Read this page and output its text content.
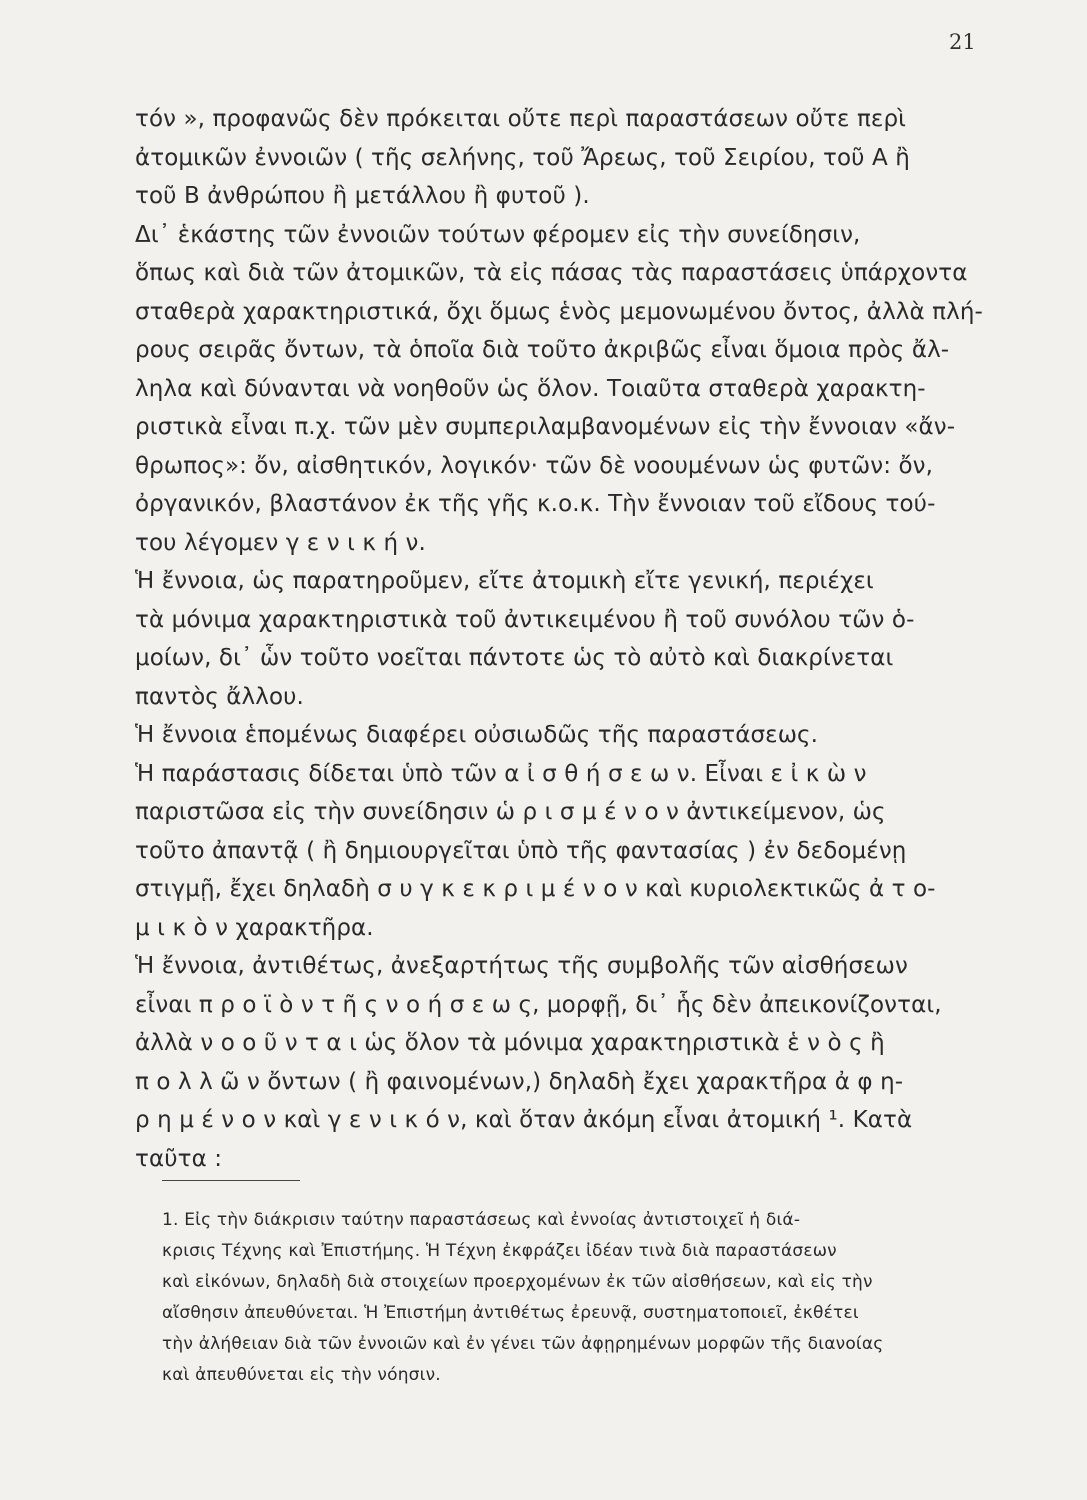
21
τόν », προφανῶς δὲν πρόκειται οὔτε περὶ παραστάσεων οὔτε περὶ
ἀτομικῶν ἐννοιῶν ( τῆς σελήνης, τοῦ Ἄρεως, τοῦ Σειρίου, τοῦ Α ἢ
τοῦ Β ἀνθρώπου ἢ μετάλλου ἢ φυτοῦ ).
Δι᾽ ἑκάστης τῶν ἐννοιῶν τούτων φέρομεν εἰς τὴν συνείδησιν,
ὅπως καὶ διὰ τῶν ἀτομικῶν, τὰ εἰς πάσας τὰς παραστάσεις ὑπάρχοντα
σταθερὰ χαρακτηριστικά, ὄχι ὅμως ἑνὸς μεμονωμένου ὄντος, ἀλλὰ πλή-
ρους σειρᾶς ὄντων, τὰ ὁποῖα διὰ τοῦτο ἀκριβῶς εἶναι ὅμοια πρὸς ἄλ-
ληλα καὶ δύνανται νὰ νοηθοῦν ὡς ὅλον. Τοιαῦτα σταθερὰ χαρακτη-
ριστικὰ εἶναι π.χ. τῶν μὲν συμπεριλαμβανομένων εἰς τὴν ἔννοιαν «ἄν-
θρωπος»: ὄν, αἰσθητικόν, λογικόν· τῶν δὲ νοουμένων ὡς φυτῶν: ὄν,
ὀργανικόν, βλαστάνον ἐκ τῆς γῆς κ.ο.κ. Τὴν ἔννοιαν τοῦ εἴδους τού-
του λέγομεν γ ε ν ι κ ή ν.
Ἡ ἔννοια, ὡς παρατηροῦμεν, εἴτε ἀτομικὴ εἴτε γενική, περιέχει
τὰ μόνιμα χαρακτηριστικὰ τοῦ ἀντικειμένου ἢ τοῦ συνόλου τῶν ὁ-
μοίων, δι᾽ ὧν τοῦτο νοεῖται πάντοτε ὡς τὸ αὐτὸ καὶ διακρίνεται
παντὸς ἄλλου.
Ἡ ἔννοια ἑπομένως διαφέρει οὐσιωδῶς τῆς παραστάσεως.
Ἡ παράστασις δίδεται ὑπὸ τῶν α ἰ σ θ ή σ ε ω ν. Εἶναι ε ἰ κ ὼ ν
παριστῶσα εἰς τὴν συνείδησιν ὡ ρ ι σ μ έ ν ο ν ἀντικείμενον, ὡς
τοῦτο ἀπαντᾷ ( ἢ δημιουργεῖται ὑπὸ τῆς φαντασίας ) ἐν δεδομένῃ
στιγμῇ, ἔχει δηλαδὴ σ υ γ κ ε κ ρ ι μ έ ν ο ν καὶ κυριολεκτικῶς ἀ τ ο-
μ ι κ ὸ ν χαρακτῆρα.
Ἡ ἔννοια, ἀντιθέτως, ἀνεξαρτήτως τῆς συμβολῆς τῶν αἰσθήσεων
εἶναι π ρ ο ϊ ὸ ν τ ῆ ς ν ο ή σ ε ω ς, μορφῇ, δι᾽ ἧς δὲν ἀπεικονίζονται,
ἀλλὰ ν ο ο ῦ ν τ α ι ὡς ὅλον τὰ μόνιμα χαρακτηριστικὰ ἑ ν ὸ ς ἢ
π ο λ λ ῶ ν ὄντων ( ἢ φαινομένων,) δηλαδὴ ἔχει χαρακτῆρα ἀ φ η-
ρ η μ έ ν ο ν καὶ γ ε ν ι κ ό ν, καὶ ὅταν ἀκόμη εἶναι ἀτομική ¹. Κατὰ
ταῦτα :
1. Εἰς τὴν διάκρισιν ταύτην παραστάσεως καὶ ἐννοίας ἀντιστοιχεῖ ἡ διά-
κρισις Τέχνης καὶ Ἐπιστήμης. Ἡ Τέχνη ἐκφράζει ἰδέαν τινὰ διὰ παραστάσεων
καὶ εἰκόνων, δηλαδὴ διὰ στοιχείων προερχομένων ἐκ τῶν αἰσθήσεων, καὶ εἰς τὴν
αἴσθησιν ἀπευθύνεται. Ἡ Ἐπιστήμη ἀντιθέτως ἐρευνᾷ, συστηματοποιεῖ, ἐκθέτει
τὴν ἀλήθειαν διὰ τῶν ἐννοιῶν καὶ ἐν γένει τῶν ἀφῃρημένων μορφῶν τῆς διανοίας
καὶ ἀπευθύνεται εἰς τὴν νόησιν.
